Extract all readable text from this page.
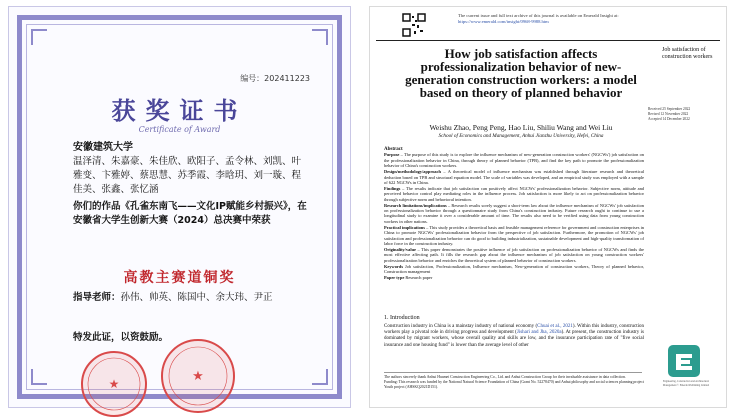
编号：202411223
获奖证书
Certificate of Award
安徽建筑大学
温泽清、朱嘉豪、朱佳欣、欧阳子、孟令林、刘凯、叶雅变、卞雅婷、蔡思慧、苏季霞、李晗玥、刘一璇、程佳美、张鑫、张忆涵
你们的作品《孔雀东南飞——文化IP赋能乡村振兴》，在安徽省大学生创新大赛（2024）总决赛中荣获
高教主赛道铜奖
指导老师：孙伟、帅英、陈国中、余大玮、尹正
特发此证，以资鼓励。
★	★
The current issue and full text archive of this journal is available on Emerald Insight at:
https://www.emerald.com/insight/0968-9988.htm
How job satisfaction affects professionalization behavior of new-generation construction workers: a model based on theory of planned behavior
Job satisfaction of construction workers
Received 25 September 2022
Revised 12 November 2022
Accepted 14 December 2022
Weishu Zhao, Peng Peng, Hao Liu, Shiliu Wang and Wei Liu
School of Economics and Management, Anhui Jianzhu University, Hefei, China
Abstract

Purpose – The purpose of this study is to explore the influence mechanism of new-generation construction workers' (NGCWs') job satisfaction on the professionalization behavior in China, through theory of planned behavior (TPB), and find the key path to promote the professionalization behavior of China's construction workers.

Design/methodology/approach – A theoretical model of influence mechanism was established through literature research and theoretical deduction based on TPB and structural equation model. The scale of variables was developed, and an empirical study was employed with a sample of 622 NGCWs in China.

Findings – The results indicate that job satisfaction can positively affect NGCWs' professionalization behavior. Subjective norm, attitude and perceived behavior control play mediating roles in the influence process. Job satisfaction is more likely to act on professionalization behavior through subjective norm and behavioral intention.

Research limitations/implications – Research results sorely suggest a short-term law about the influence mechanism of NGCWs' job satisfaction on professionalization behavior through a questionnaire study from China's construction industry. Future research ought to continue to use a longitudinal study to examine it over a considerable amount of time. The results also need to be verified using data from young construction workers in other nations.

Practical implications – This study provides a theoretical basis and feasible management reference for government and construction enterprises in China to promote NGCWs' professionalization behavior from the perspective of job satisfaction. Furthermore, the promotion of NGCWs' job satisfaction and professionalization behavior can do good to building industrialization, sustainable development and high-quality transformation of labor force in the construction industry.

Originality/value – This paper demonstrates the positive influence of job satisfaction on professionalization behavior of NGCWs and finds the most effective affecting path. It fills the research gap about the influence mechanism of job satisfaction on young construction workers' professionalization behavior and enriches the theoretical system of planned behavior of construction workers.

Keywords Job satisfaction, Professionalization, Influence mechanism, New-generation of construction workers, Theory of planned behavior, Construction management

Paper type Research paper

1. Introduction
Construction industry in China is a mainstay industry of national economy (Chuai et al., 2021). Within this industry, construction workers play a pivotal role in driving progress and development (Jishari and Jha, 2020a). At present, the construction industry is dominated by migrant workers, whose overall quality and skills are low, and the insurance participation rate of "five social insurance and one housing fund" is lower than the average level of other
The authors sincerely thank Anhui Huamei Construction Engineering Co., Ltd. and Anhui Construction Group for their invaluable assistance in data collection.
Funding: This research was funded by the National Natural Science Foundation of China (Grant No. 52278470) and Anhui philosophy and social sciences planning project Youth project (AHSKQ2021D151).
Engineering, Construction and Architectural Management © Emerald Publishing Limited
